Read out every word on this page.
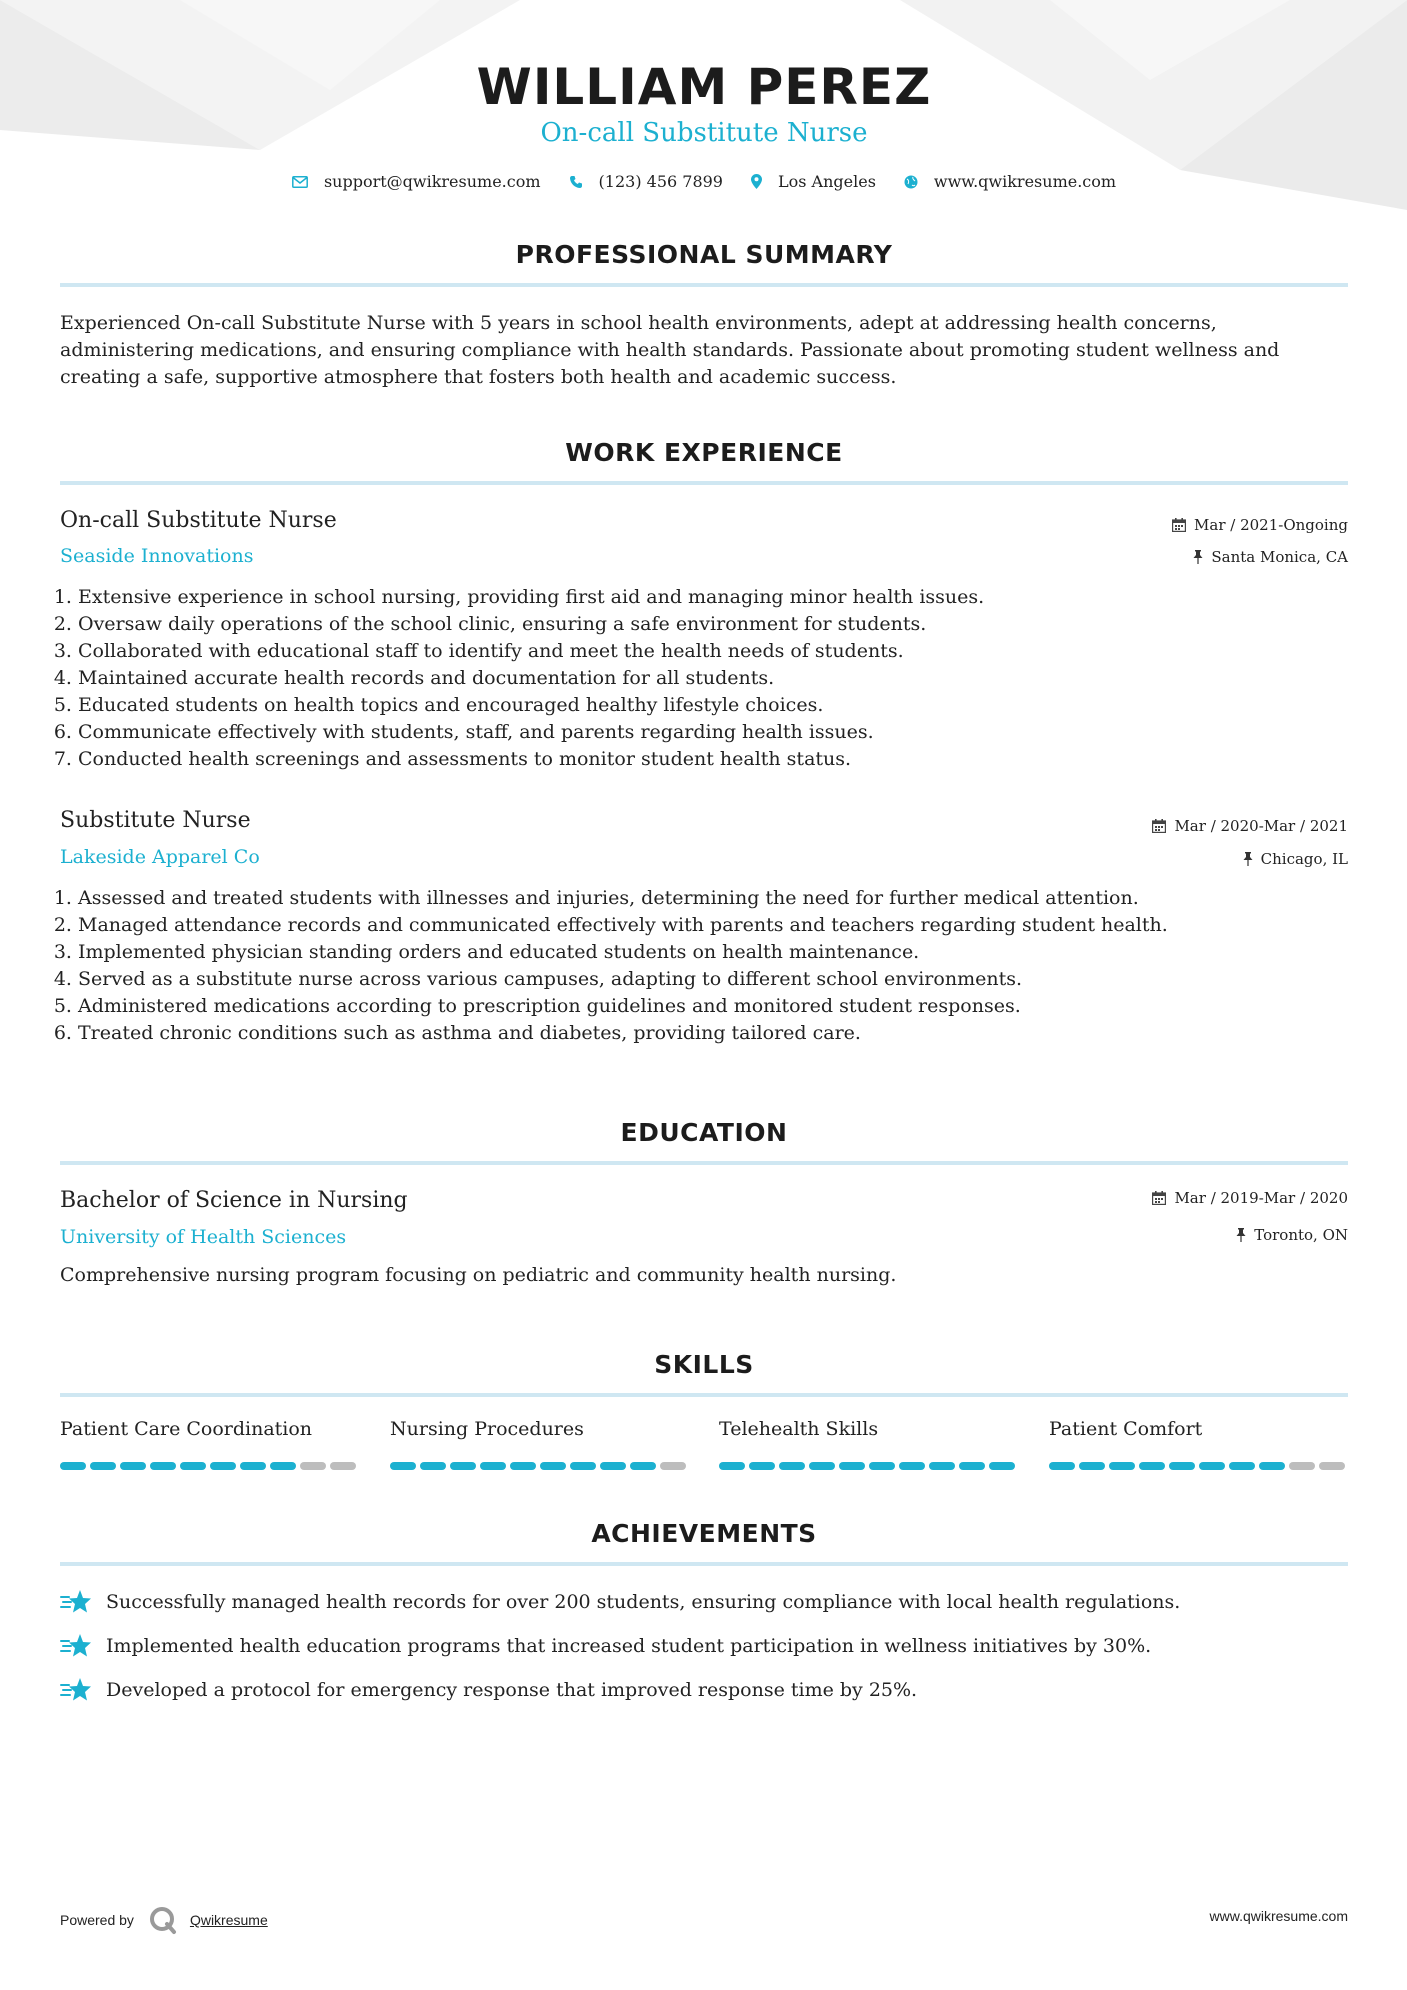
WILLIAM PEREZ
On-call Substitute Nurse
support@qwikresume.com	(123) 456 7899	Los Angeles	www.qwikresume.com
PROFESSIONAL SUMMARY
Experienced On-call Substitute Nurse with 5 years in school health environments, adept at addressing health concerns, administering medications, and ensuring compliance with health standards. Passionate about promoting student wellness and creating a safe, supportive atmosphere that fosters both health and academic success.
WORK EXPERIENCE
On-call Substitute Nurse
Seaside Innovations
Mar / 2021-Ongoing
Santa Monica, CA
1. Extensive experience in school nursing, providing first aid and managing minor health issues.
2. Oversaw daily operations of the school clinic, ensuring a safe environment for students.
3. Collaborated with educational staff to identify and meet the health needs of students.
4. Maintained accurate health records and documentation for all students.
5. Educated students on health topics and encouraged healthy lifestyle choices.
6. Communicate effectively with students, staff, and parents regarding health issues.
7. Conducted health screenings and assessments to monitor student health status.
Substitute Nurse
Lakeside Apparel Co
Mar / 2020-Mar / 2021
Chicago, IL
1. Assessed and treated students with illnesses and injuries, determining the need for further medical attention.
2. Managed attendance records and communicated effectively with parents and teachers regarding student health.
3. Implemented physician standing orders and educated students on health maintenance.
4. Served as a substitute nurse across various campuses, adapting to different school environments.
5. Administered medications according to prescription guidelines and monitored student responses.
6. Treated chronic conditions such as asthma and diabetes, providing tailored care.
EDUCATION
Bachelor of Science in Nursing
University of Health Sciences
Mar / 2019-Mar / 2020
Toronto, ON
Comprehensive nursing program focusing on pediatric and community health nursing.
SKILLS
Patient Care Coordination	Nursing Procedures	Telehealth Skills	Patient Comfort
ACHIEVEMENTS
Successfully managed health records for over 200 students, ensuring compliance with local health regulations.
Implemented health education programs that increased student participation in wellness initiatives by 30%.
Developed a protocol for emergency response that improved response time by 25%.
Powered by	Qwikresume	www.qwikresume.com
